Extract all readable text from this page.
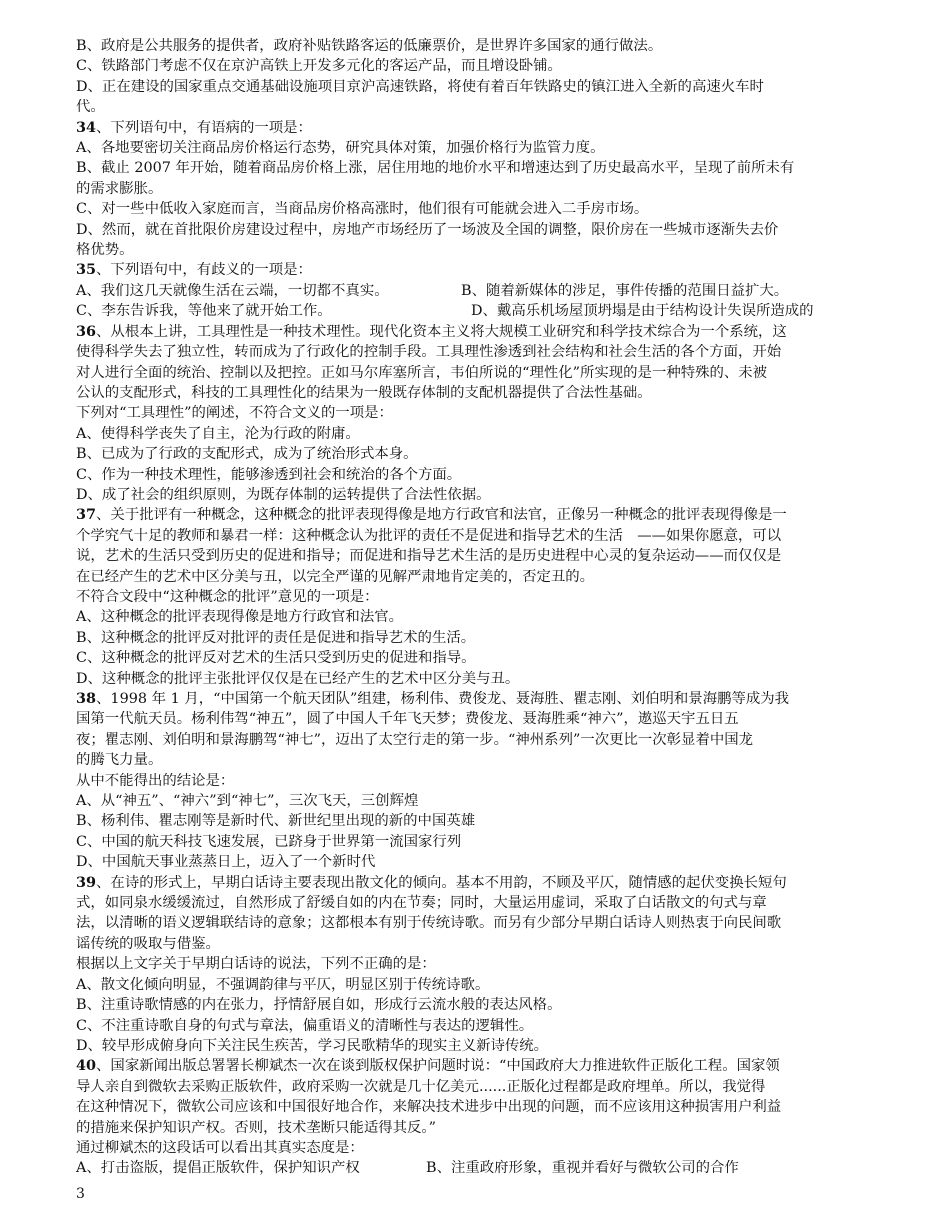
B、政府是公共服务的提供者，政府补贴铁路客运的低廉票价，是世界许多国家的通行做法。

C、铁路部门考虑不仅在京沪高铁上开发多元化的客运产品，而且增设卧铺。

D、正在建设的国家重点交通基础设施项目京沪高速铁路，将使有着百年铁路史的镇江进入全新的高速火车时

代。

34、下列语句中，有语病的一项是：

A、各地要密切关注商品房价格运行态势，研究具体对策，加强价格行为监管力度。

B、截止 2007 年开始，随着商品房价格上涨，居住用地的地价水平和增速达到了历史最高水平，呈现了前所未有

的需求膨胀。

C、对一些中低收入家庭而言，当商品房价格高涨时，他们很有可能就会进入二手房市场。

D、然而，就在首批限价房建设过程中，房地产市场经历了一场波及全国的调整，限价房在一些城市逐渐失去价

格优势。

35、下列语句中，有歧义的一项是：

A、我们这几天就像生活在云端，一切都不真实。	B、随着新媒体的涉足，事件传播的范围日益扩大。

C、李东告诉我，等他来了就开始工作。	D、戴高乐机场屋顶坍塌是由于结构设计失误所造成的

36、从根本上讲，工具理性是一种技术理性。现代化资本主义将大规模工业研究和科学技术综合为一个系统，这

使得科学失去了独立性，转而成为了行政化的控制手段。工具理性渗透到社会结构和社会生活的各个方面，开始

对人进行全面的统治、控制以及把控。正如马尔库塞所言，韦伯所说的“理性化”所实现的是一种特殊的、未被

公认的支配形式，科技的工具理性化的结果为一般既存体制的支配机器提供了合法性基础。

下列对“工具理性”的阐述，不符合文义的一项是：

A、使得科学丧失了自主，沦为行政的附庸。

B、已成为了行政的支配形式，成为了统治形式本身。

C、作为一种技术理性，能够渗透到社会和统治的各个方面。

D、成了社会的组织原则，为既存体制的运转提供了合法性依据。

37、关于批评有一种概念，这种概念的批评表现得像是地方行政官和法官，正像另一种概念的批评表现得像是一

个学究气十足的教师和暴君一样：这种概念认为批评的责任不是促进和指导艺术的生活　——如果你愿意，可以

说，艺术的生活只受到历史的促进和指导；而促进和指导艺术生活的是历史进程中心灵的复杂运动——而仅仅是

在已经产生的艺术中区分美与丑，以完全严谨的见解严肃地肯定美的，否定丑的。

不符合文段中“这种概念的批评”意见的一项是：

A、这种概念的批评表现得像是地方行政官和法官。

B、这种概念的批评反对批评的责任是促进和指导艺术的生活。

C、这种概念的批评反对艺术的生活只受到历史的促进和指导。

D、这种概念的批评主张批评仅仅是在已经产生的艺术中区分美与丑。

38、1998 年 1 月，“中国第一个航天团队”组建，杨利伟、费俊龙、聂海胜、瞿志刚、刘伯明和景海鹏等成为我

国第一代航天员。杨利伟驾“神五”，圆了中国人千年飞天梦；费俊龙、聂海胜乘“神六”，遨巡天宇五日五

夜；瞿志刚、刘伯明和景海鹏驾“神七”，迈出了太空行走的第一步。“神州系列”一次更比一次彰显着中国龙

的腾飞力量。

从中不能得出的结论是：

A、从“神五”、“神六”到“神七”，三次飞天，三创辉煌

B、杨利伟、瞿志刚等是新时代、新世纪里出现的新的中国英雄

C、中国的航天科技飞速发展，已跻身于世界第一流国家行列

D、中国航天事业蒸蒸日上，迈入了一个新时代

39、在诗的形式上，早期白话诗主要表现出散文化的倾向。基本不用韵，不顾及平仄，随情感的起伏变换长短句

式，如同泉水缓缓流过，自然形成了舒缓自如的内在节奏；同时，大量运用虚词，采取了白话散文的句式与章

法，以清晰的语义逻辑联结诗的意象；这都根本有别于传统诗歌。而另有少部分早期白话诗人则热衷于向民间歌

谣传统的吸取与借鉴。

根据以上文字关于早期白话诗的说法，下列不正确的是：

A、散文化倾向明显，不强调韵律与平仄，明显区别于传统诗歌。

B、注重诗歌情感的内在张力，抒情舒展自如，形成行云流水般的表达风格。

C、不注重诗歌自身的句式与章法，偏重语义的清晰性与表达的逻辑性。

D、较早形成俯身向下关注民生疾苦，学习民歌精华的现实主义新诗传统。

40、国家新闻出版总署署长柳斌杰一次在谈到版权保护问题时说：“中国政府大力推进软件正版化工程。国家领

导人亲自到微软去采购正版软件，政府采购一次就是几十亿美元......正版化过程都是政府埋单。所以，我觉得

在这种情况下，微软公司应该和中国很好地合作，来解决技术进步中出现的问题，而不应该用这种损害用户利益

的措施来保护知识产权。否则，技术垄断只能适得其反。”

通过柳斌杰的这段话可以看出其真实态度是：

A、打击盗版，提倡正版软件，保护知识产权	B、注重政府形象，重视并看好与微软公司的合作

3
